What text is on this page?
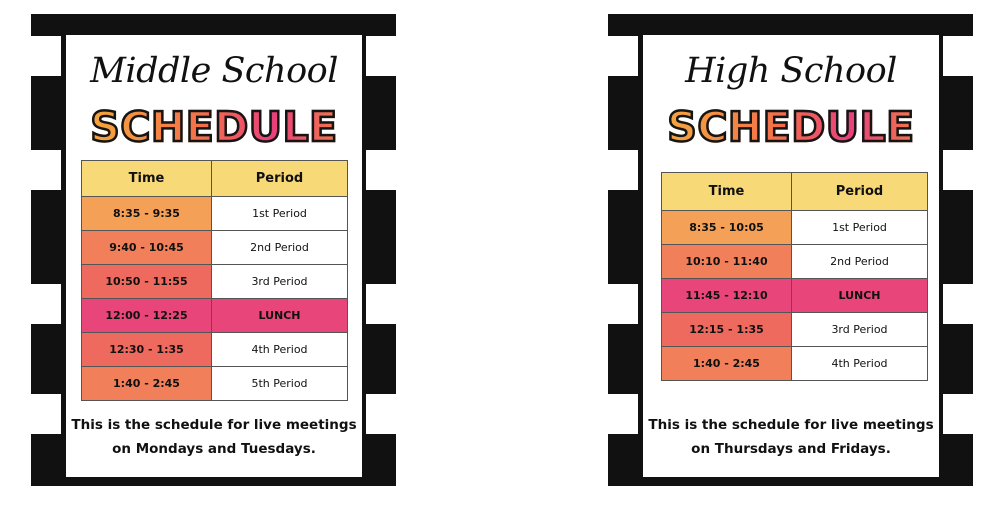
Middle School
SCHEDULE
Time	Period
8:35 - 9:35	1st Period
9:40 - 10:45	2nd Period
10:50 - 11:55	3rd Period
12:00 - 12:25	LUNCH
12:30 - 1:35	4th Period
1:40 - 2:45	5th Period
This is the schedule for live meetings
on Mondays and Tuesdays.
High School
SCHEDULE
Time	Period
8:35 - 10:05	1st Period
10:10 - 11:40	2nd Period
11:45 - 12:10	LUNCH
12:15 - 1:35	3rd Period
1:40 - 2:45	4th Period
This is the schedule for live meetings
on Thursdays and Fridays.
